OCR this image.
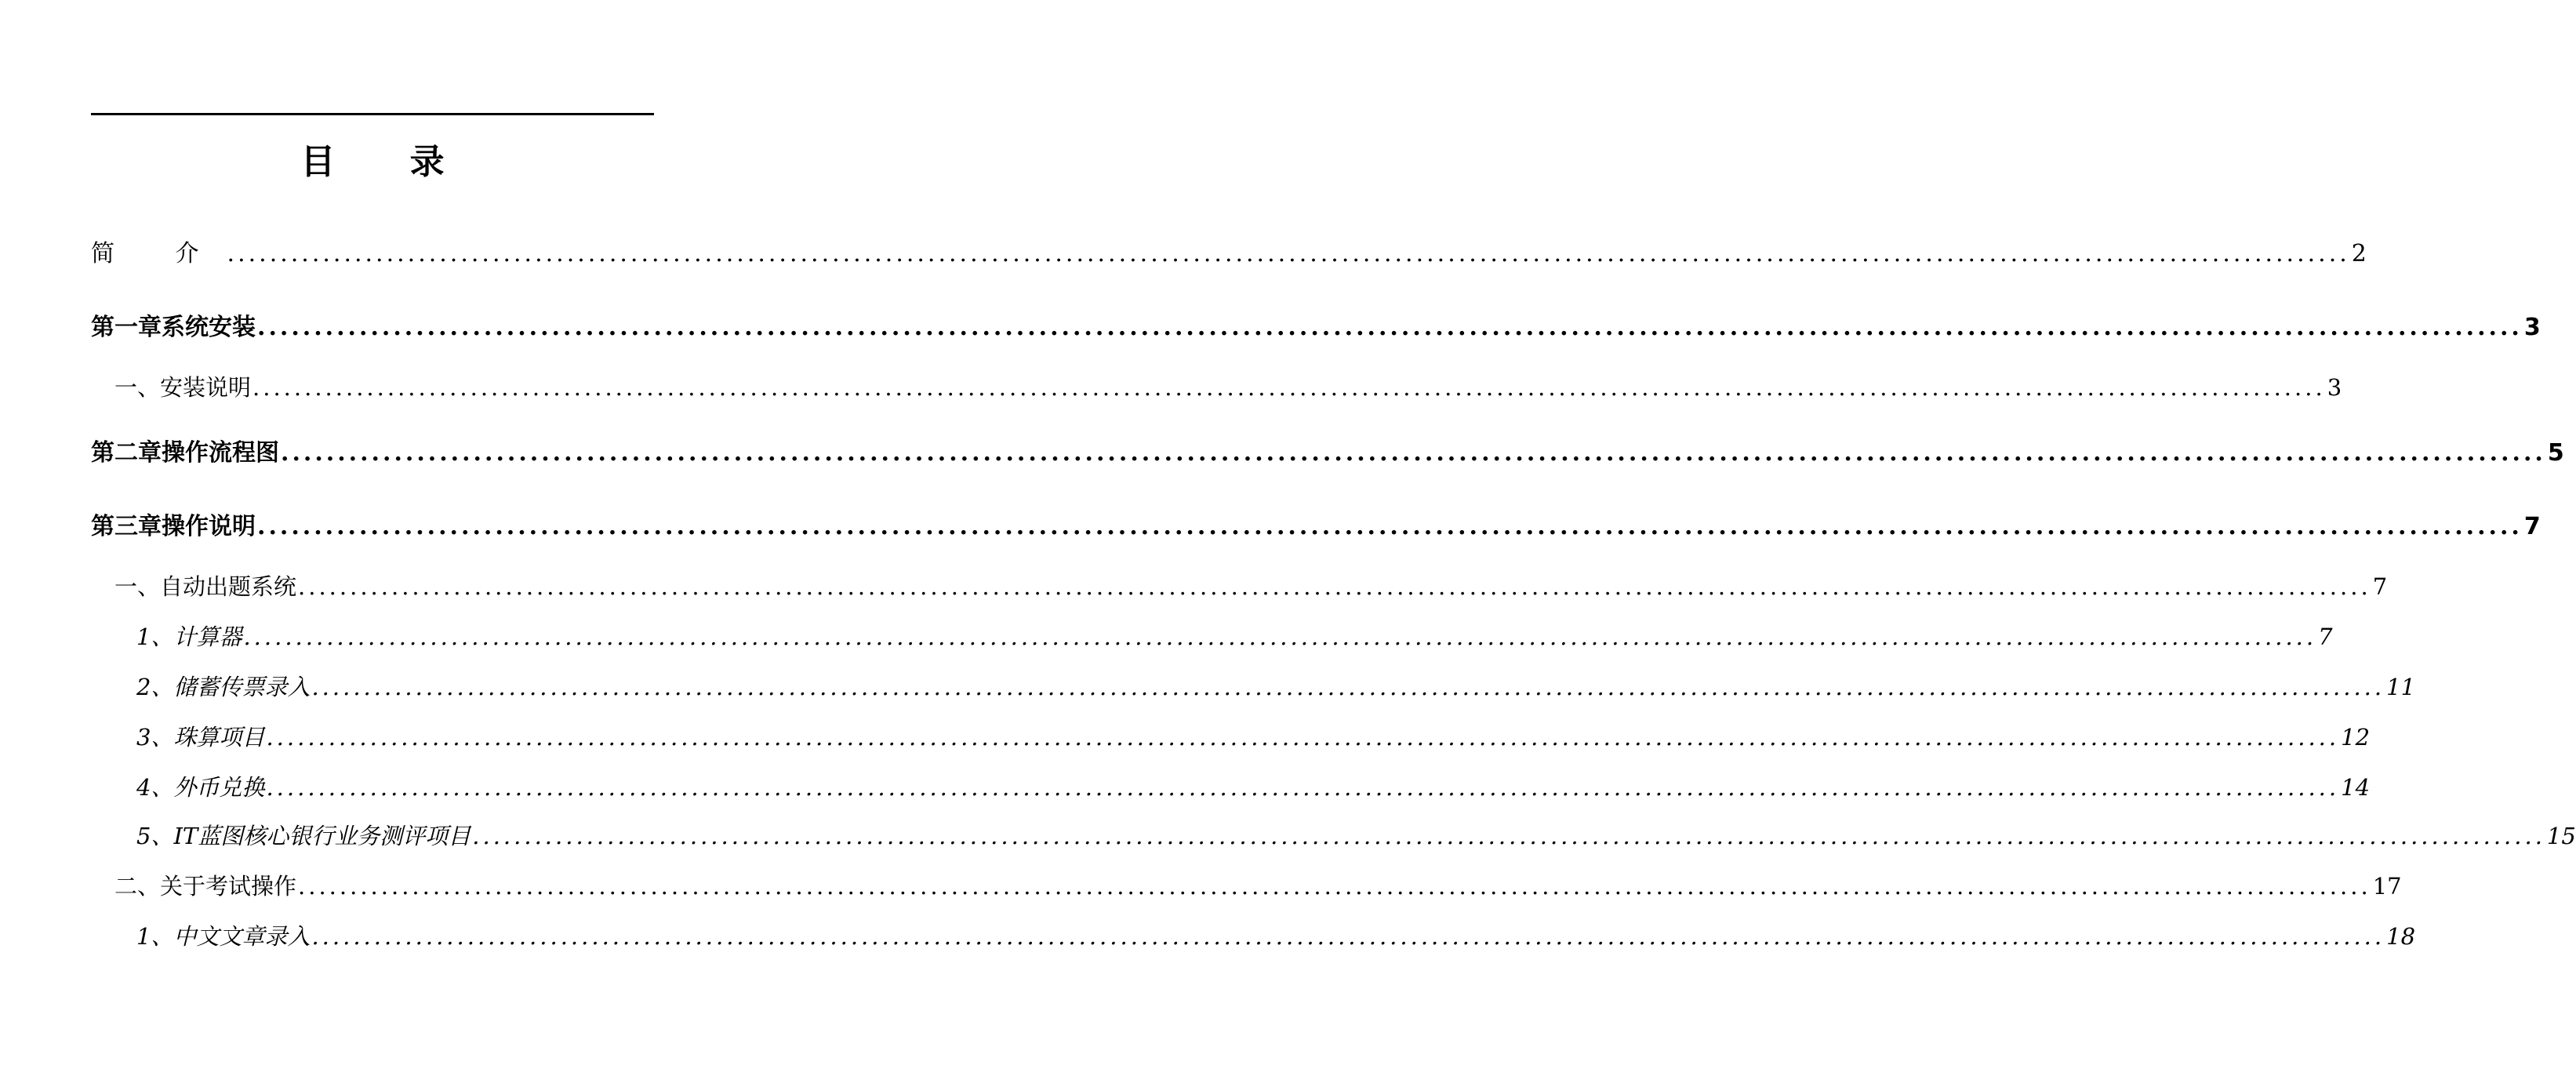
目 录
简 介 ........................................................................................................................................................................................................ 2
第一章 系统安装 ........................................................................................................................................................................................................ 3
一、 安装说明 ........................................................................................................................................................................................................ 3
第二章 操作流程图 ........................................................................................................................................................................................................ 5
第三章 操作说明 ........................................................................................................................................................................................................ 7
一、 自动出题系统 ........................................................................................................................................................................................................ 7
1、 计算器 ........................................................................................................................................................................................................ 7
2、 储蓄传票录入 ........................................................................................................................................................................................................ 11
3、 珠算项目 ........................................................................................................................................................................................................ 12
4、 外币兑换 ........................................................................................................................................................................................................ 14
5、 IT蓝图核心银行业务测评项目 ........................................................................................................................................................................................................ 15
二、 关于考试操作 ........................................................................................................................................................................................................ 17
1、 中文文章录入 ........................................................................................................................................................................................................ 18
